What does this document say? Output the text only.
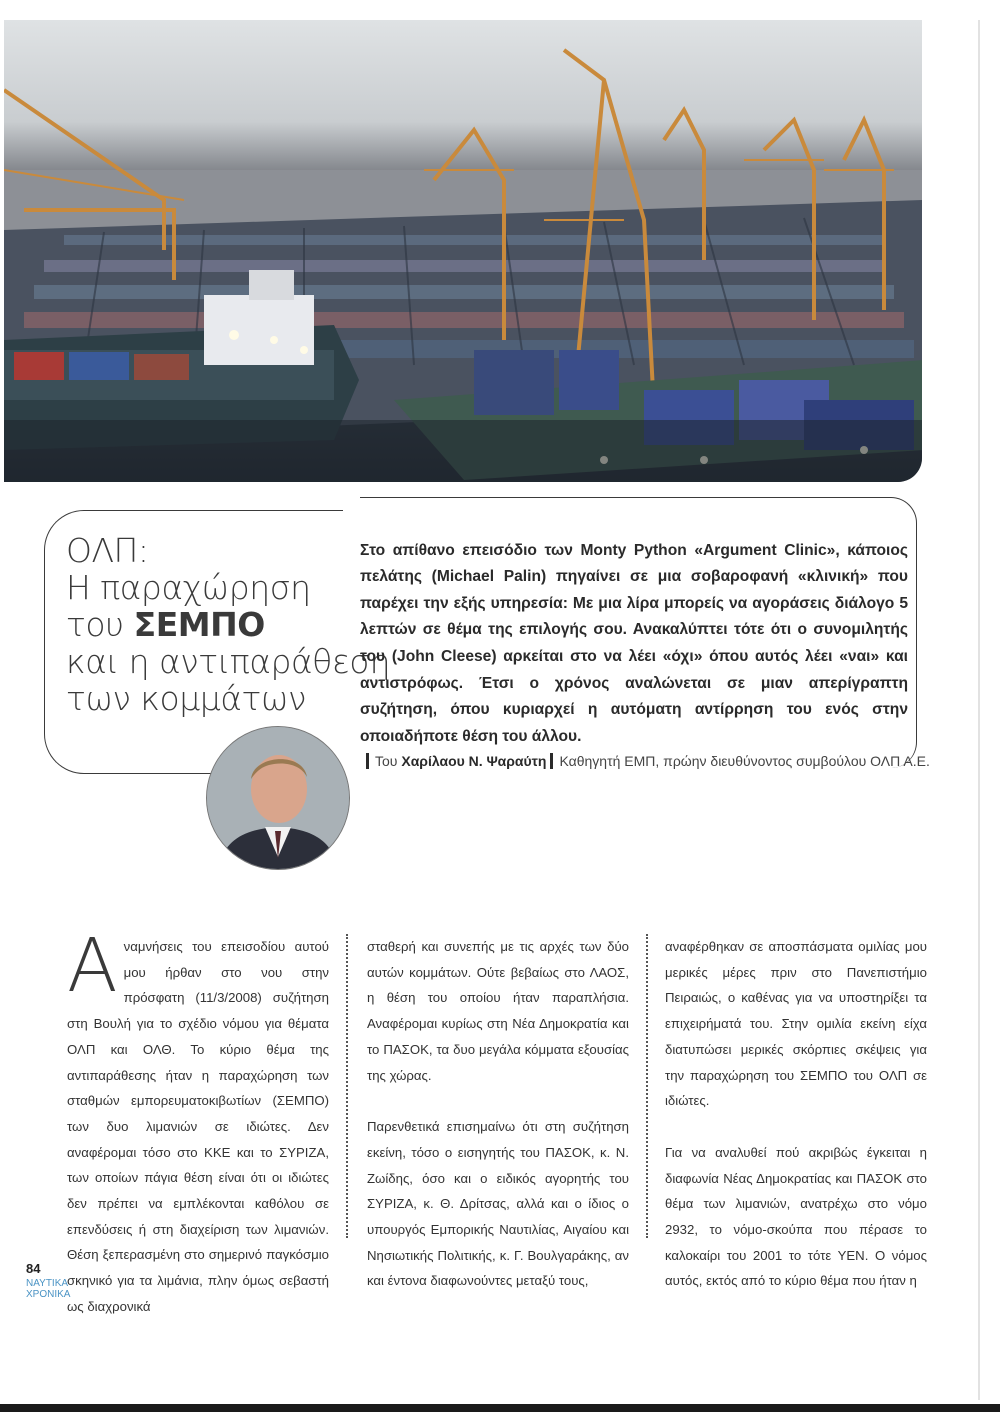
ΟΛΠ:
Η παραχώρηση
του ΣΕΜΠΟ
και η αντιπαράθεση
των κομμάτων

Στο απίθανο επεισόδιο των Monty Python «Argument Clinic», κάποιος πελάτης (Michael Palin) πηγαίνει σε μια σοβαροφανή «κλινική» που παρέχει την εξής υπηρεσία: Με μια λίρα μπορείς να αγοράσεις διάλογο 5 λεπτών σε θέμα της επιλογής σου. Ανακαλύπτει τότε ότι ο συνομιλητής του (John Cleese) αρκείται στο να λέει «όχι» όπου αυτός λέει «ναι» και αντιστρόφως. Έτσι ο χρόνος αναλώνεται σε μιαν απερίγραπτη συζήτηση, όπου κυριαρχεί η αυτόματη αντίρρηση του ενός στην οποιαδήποτε θέση του άλλου.

Του Χαρίλαου Ν. Ψαραύτη Καθηγητή ΕΜΠ, πρώην διευθύνοντος συμβούλου ΟΛΠ Α.Ε.

Αναμνήσεις του επεισοδίου αυτού μου ήρθαν στο νου στην πρόσφατη (11/3/2008) συζήτηση στη Βουλή για το σχέδιο νόμου για θέματα ΟΛΠ και ΟΛΘ. Το κύριο θέμα της αντιπαράθεσης ήταν η παραχώρηση των σταθμών εμπορευματοκιβωτίων (ΣΕΜΠΟ) των δυο λιμανιών σε ιδιώτες. Δεν αναφέρομαι τόσο στο ΚΚΕ και το ΣΥΡΙΖΑ, των οποίων πάγια θέση είναι ότι οι ιδιώτες δεν πρέπει να εμπλέκονται καθόλου σε επενδύσεις ή στη διαχείριση των λιμανιών. Θέση ξεπερασμένη στο σημερινό παγκόσμιο σκηνικό για τα λιμάνια, πλην όμως σεβαστή ως διαχρονικά

σταθερή και συνεπής με τις αρχές των δύο αυτών κομμάτων. Ούτε βεβαίως στο ΛΑΟΣ, η θέση του οποίου ήταν παραπλήσια. Αναφέρομαι κυρίως στη Νέα Δημοκρατία και το ΠΑΣΟΚ, τα δυο μεγάλα κόμματα εξουσίας της χώρας.

Παρενθετικά επισημαίνω ότι στη συζήτηση εκείνη, τόσο ο εισηγητής του ΠΑΣΟΚ, κ. Ν. Ζωίδης, όσο και ο ειδικός αγορητής του ΣΥΡΙΖΑ, κ. Θ. Δρίτσας, αλλά και ο ίδιος ο υπουργός Εμπορικής Ναυτιλίας, Αιγαίου και Νησιωτικής Πολιτικής, κ. Γ. Βουλγαράκης, αν και έντονα διαφωνούντες μεταξύ τους,

αναφέρθηκαν σε αποσπάσματα ομιλίας μου μερικές μέρες πριν στο Πανεπιστήμιο Πειραιώς, ο καθένας για να υποστηρίξει τα επιχειρήματά του. Στην ομιλία εκείνη είχα διατυπώσει μερικές σκόρπιες σκέψεις για την παραχώρηση του ΣΕΜΠΟ του ΟΛΠ σε ιδιώτες.

Για να αναλυθεί πού ακριβώς έγκειται η διαφωνία Νέας Δημοκρατίας και ΠΑΣΟΚ στο θέμα των λιμανιών, ανατρέχω στο νόμο 2932, το νόμο-σκούπα που πέρασε το καλοκαίρι του 2001 το τότε ΥΕΝ. Ο νόμος αυτός, εκτός από το κύριο θέμα που ήταν η

84
ΝΑΥΤΙΚΑ
ΧΡΟΝΙΚΑ
